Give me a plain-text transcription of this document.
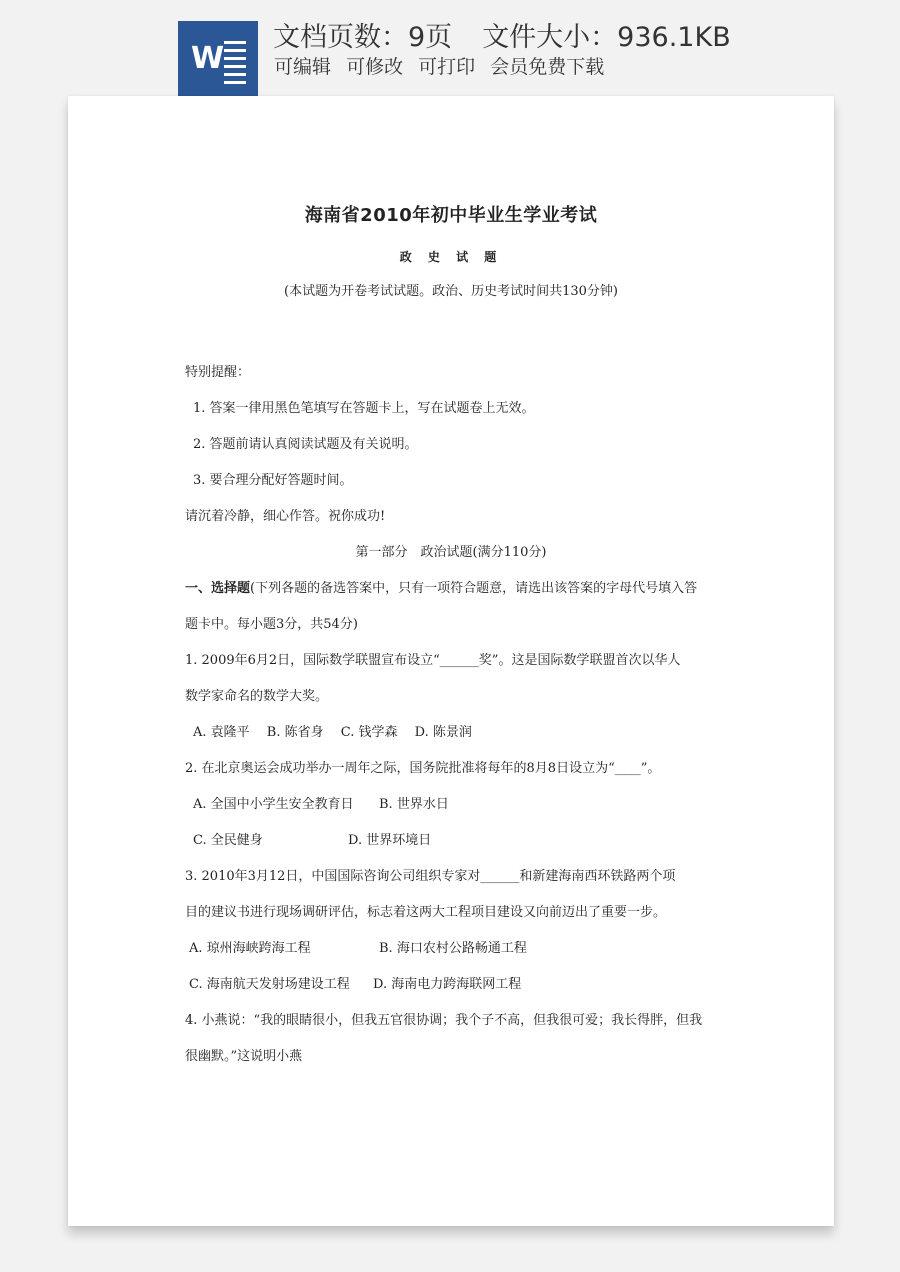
W
文档页数：9页 文件大小：936.1KB
可编辑 可修改 可打印 会员免费下载
海南省2010年初中毕业生学业考试
政 史 试 题
(本试题为开卷考试试题。政治、历史考试时间共130分钟)
特别提醒：
1. 答案一律用黑色笔填写在答题卡上，写在试题卷上无效。
2. 答题前请认真阅读试题及有关说明。
3. 要合理分配好答题时间。
请沉着冷静，细心作答。祝你成功!
第一部分　政治试题(满分110分)
一、选择题(下列各题的备选答案中，只有一项符合题意，请选出该答案的字母代号填入答
题卡中。每小题3分，共54分)
1. 2009年6月2日，国际数学联盟宣布设立“______奖”。这是国际数学联盟首次以华人
数学家命名的数学大奖。
A. 袁隆平　 B. 陈省身　 C. 钱学森　 D. 陈景润
2. 在北京奥运会成功举办一周年之际，国务院批准将每年的8月8日设立为“____”。
A. 全国中小学生安全教育日 B. 世界水日
C. 全民健身	D. 世界环境日
3. 2010年3月12日，中国国际咨询公司组织专家对______和新建海南西环铁路两个项
目的建议书进行现场调研评估，标志着这两大工程项目建设又向前迈出了重要一步。
A. 琼州海峡跨海工程	B. 海口农村公路畅通工程
C. 海南航天发射场建设工程 D. 海南电力跨海联网工程
4. 小燕说：“我的眼睛很小，但我五官很协调；我个子不高，但我很可爱；我长得胖，但我
很幽默。”这说明小燕
